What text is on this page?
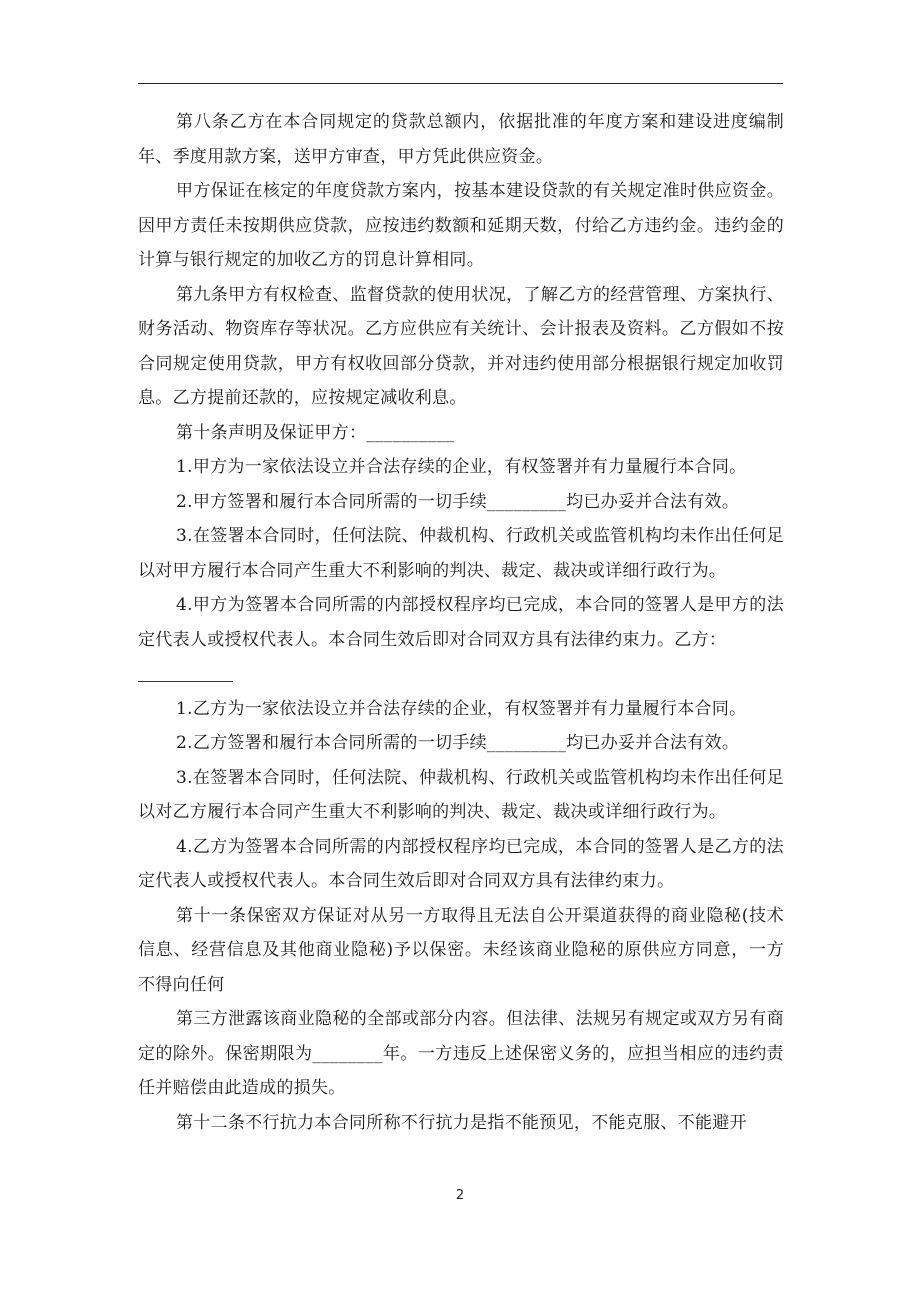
第八条乙方在本合同规定的贷款总额内，依据批准的年度方案和建设进度编制年、季度用款方案，送甲方审查，甲方凭此供应资金。

甲方保证在核定的年度贷款方案内，按基本建设贷款的有关规定准时供应资金。因甲方责任未按期供应贷款，应按违约数额和延期天数，付给乙方违约金。违约金的计算与银行规定的加收乙方的罚息计算相同。

第九条甲方有权检查、监督贷款的使用状况，了解乙方的经营管理、方案执行、财务活动、物资库存等状况。乙方应供应有关统计、会计报表及资料。乙方假如不按合同规定使用贷款，甲方有权收回部分贷款，并对违约使用部分根据银行规定加收罚息。乙方提前还款的，应按规定减收利息。

第十条声明及保证甲方：__________

1.甲方为一家依法设立并合法存续的企业，有权签署并有力量履行本合同。

2.甲方签署和履行本合同所需的一切手续_________均已办妥并合法有效。

3.在签署本合同时，任何法院、仲裁机构、行政机关或监管机构均未作出任何足以对甲方履行本合同产生重大不利影响的判决、裁定、裁决或详细行政行为。

4.甲方为签署本合同所需的内部授权程序均已完成，本合同的签署人是甲方的法定代表人或授权代表人。本合同生效后即对合同双方具有法律约束力。乙方：

1.乙方为一家依法设立并合法存续的企业，有权签署并有力量履行本合同。

2.乙方签署和履行本合同所需的一切手续_________均已办妥并合法有效。

3.在签署本合同时，任何法院、仲裁机构、行政机关或监管机构均未作出任何足以对乙方履行本合同产生重大不利影响的判决、裁定、裁决或详细行政行为。

4.乙方为签署本合同所需的内部授权程序均已完成，本合同的签署人是乙方的法定代表人或授权代表人。本合同生效后即对合同双方具有法律约束力。

第十一条保密双方保证对从另一方取得且无法自公开渠道获得的商业隐秘(技术信息、经营信息及其他商业隐秘)予以保密。未经该商业隐秘的原供应方同意，一方不得向任何

第三方泄露该商业隐秘的全部或部分内容。但法律、法规另有规定或双方另有商定的除外。保密期限为________年。一方违反上述保密义务的，应担当相应的违约责任并赔偿由此造成的损失。

第十二条不行抗力本合同所称不行抗力是指不能预见，不能克服、不能避开

2
